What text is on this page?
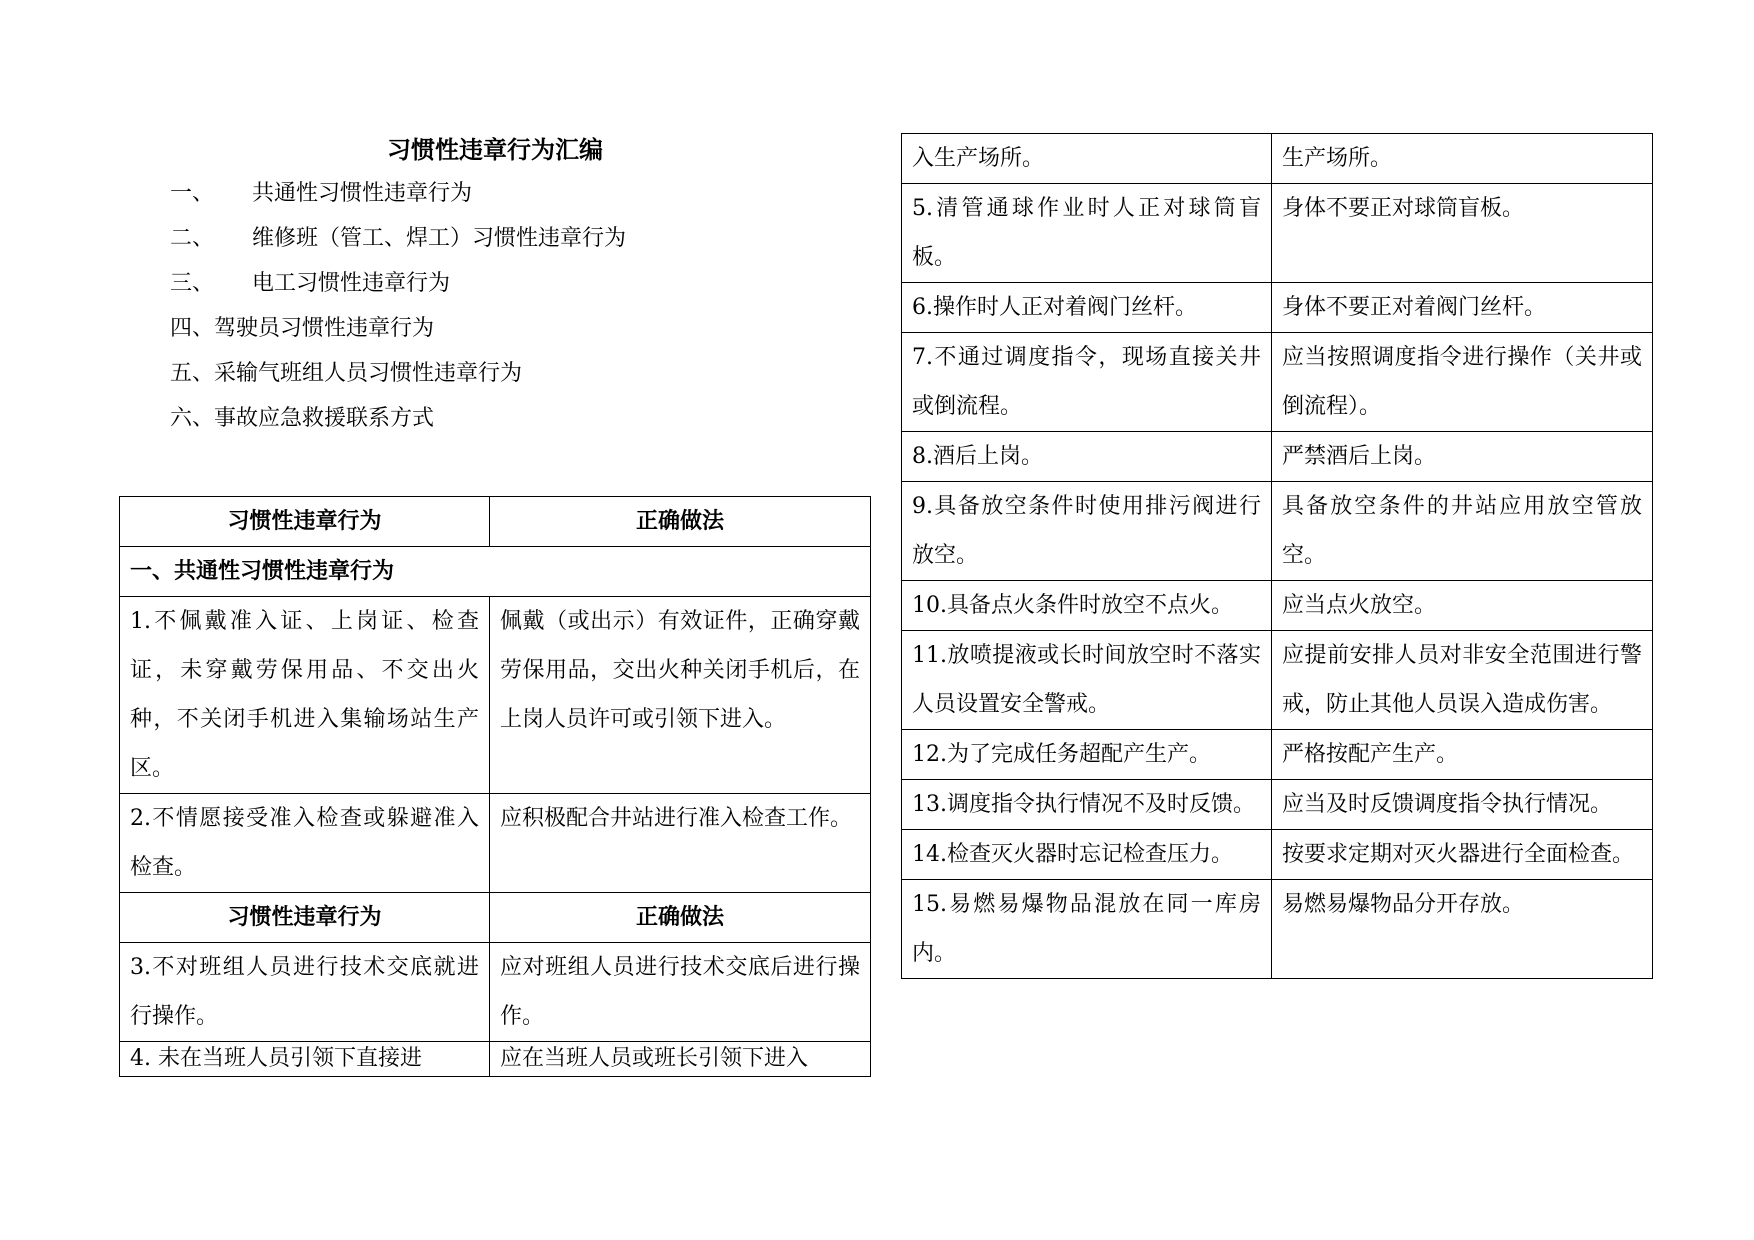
习惯性违章行为汇编
一、 共通性习惯性违章行为
二、 维修班（管工、焊工）习惯性违章行为
三、 电工习惯性违章行为
四、驾驶员习惯性违章行为
五、采输气班组人员习惯性违章行为
六、事故应急救援联系方式
习惯性违章行为	正确做法
一、共通性习惯性违章行为	
1.不佩戴准入证、上岗证、检查证，未穿戴劳保用品、不交出火种，不关闭手机进入集输场站生产区。	佩戴（或出示）有效证件，正确穿戴劳保用品，交出火种关闭手机后，在上岗人员许可或引领下进入。
2.不情愿接受准入检查或躲避准入检查。	应积极配合井站进行准入检查工作。
习惯性违章行为	正确做法
3.不对班组人员进行技术交底就进行操作。	应对班组人员进行技术交底后进行操作。
4. 未在当班人员引领下直接进	应在当班人员或班长引领下进入
入生产场所。	生产场所。
5.清管通球作业时人正对球筒盲板。	身体不要正对球筒盲板。
6.操作时人正对着阀门丝杆。	身体不要正对着阀门丝杆。
7.不通过调度指令，现场直接关井或倒流程。	应当按照调度指令进行操作（关井或倒流程）。
8.酒后上岗。	严禁酒后上岗。
9.具备放空条件时使用排污阀进行放空。	具备放空条件的井站应用放空管放空。
10.具备点火条件时放空不点火。	应当点火放空。
11.放喷提液或长时间放空时不落实人员设置安全警戒。	应提前安排人员对非安全范围进行警戒，防止其他人员误入造成伤害。
12.为了完成任务超配产生产。	严格按配产生产。
13.调度指令执行情况不及时反馈。	应当及时反馈调度指令执行情况。
14.检查灭火器时忘记检查压力。	按要求定期对灭火器进行全面检查。
15.易燃易爆物品混放在同一库房内。	易燃易爆物品分开存放。
